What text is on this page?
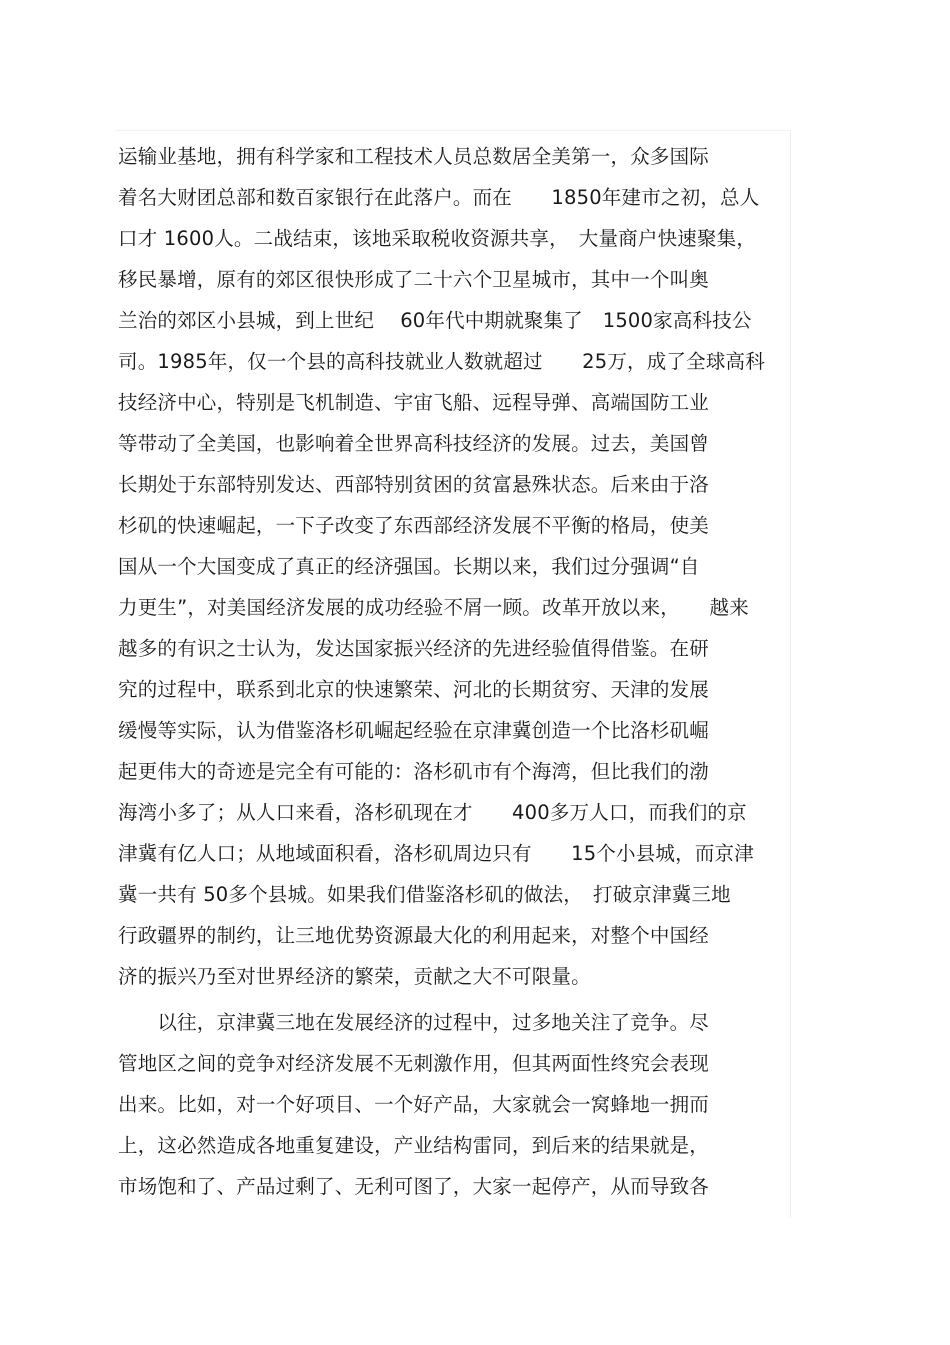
运输业基地，拥有科学家和工程技术人员总数居全美第一，众多国际
着名大财团总部和数百家银行在此落户。而在　　1850年建市之初，总人
口才 1600人。二战结束，该地采取税收资源共享，　大量商户快速聚集，
移民暴增，原有的郊区很快形成了二十六个卫星城市，其中一个叫奥
兰治的郊区小县城，到上世纪　 60年代中期就聚集了　1500家高科技公
司。1985年，仅一个县的高科技就业人数就超过　　25万，成了全球高科
技经济中心，特别是飞机制造、宇宙飞船、远程导弹、高端国防工业
等带动了全美国，也影响着全世界高科技经济的发展。过去，美国曾
长期处于东部特别发达、西部特别贫困的贫富悬殊状态。后来由于洛
杉矶的快速崛起，一下子改变了东西部经济发展不平衡的格局，使美
国从一个大国变成了真正的经济强国。长期以来，我们过分强调“自
力更生”，对美国经济发展的成功经验不屑一顾。改革开放以来，　　越来
越多的有识之士认为，发达国家振兴经济的先进经验值得借鉴。在研
究的过程中，联系到北京的快速繁荣、河北的长期贫穷、天津的发展
缓慢等实际，认为借鉴洛杉矶崛起经验在京津冀创造一个比洛杉矶崛
起更伟大的奇迹是完全有可能的：洛杉矶市有个海湾，但比我们的渤
海湾小多了；从人口来看，洛杉矶现在才　　400多万人口，而我们的京
津冀有亿人口；从地域面积看，洛杉矶周边只有　　15个小县城，而京津
冀一共有 50多个县城。如果我们借鉴洛杉矶的做法，　打破京津冀三地
行政疆界的制约，让三地优势资源最大化的利用起来，对整个中国经
济的振兴乃至对世界经济的繁荣，贡献之大不可限量。
　　以往，京津冀三地在发展经济的过程中，过多地关注了竞争。尽
管地区之间的竞争对经济发展不无刺激作用，但其两面性终究会表现
出来。比如，对一个好项目、一个好产品，大家就会一窝蜂地一拥而
上，这必然造成各地重复建设，产业结构雷同，到后来的结果就是，
市场饱和了、产品过剩了、无利可图了，大家一起停产，从而导致各
